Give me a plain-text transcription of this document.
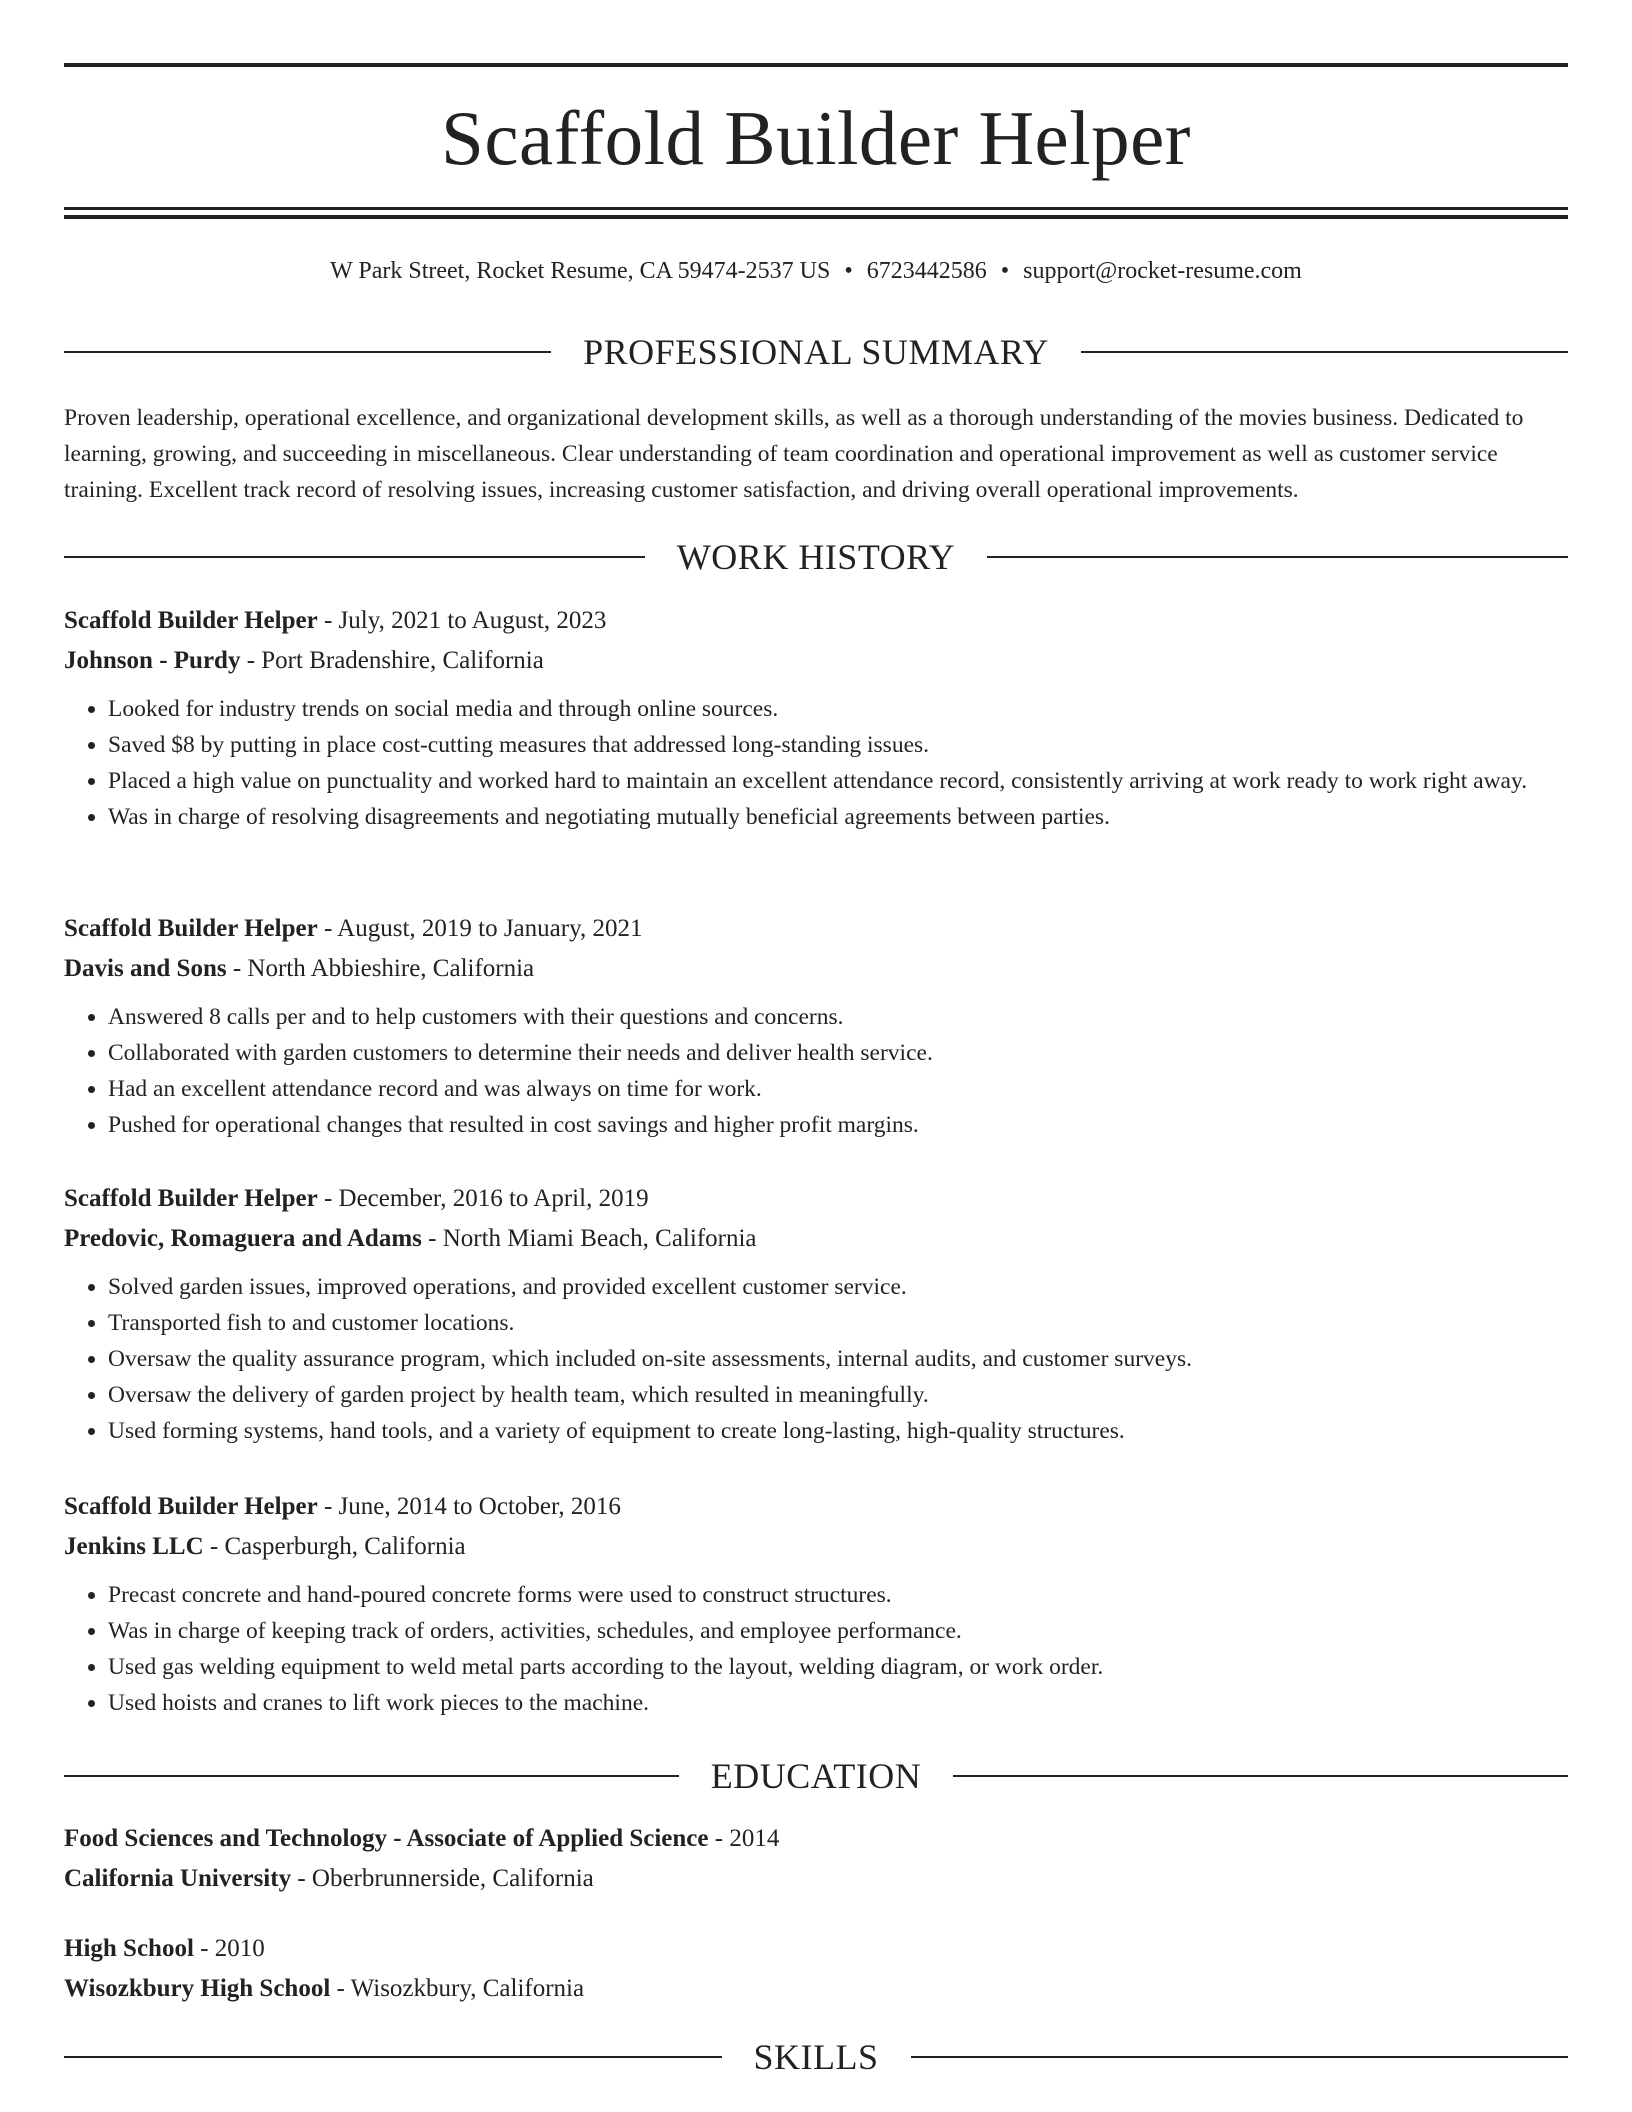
Scaffold Builder Helper
W Park Street, Rocket Resume, CA 59474-2537 US • 6723442586 • support@rocket-resume.com
PROFESSIONAL SUMMARY

Proven leadership, operational excellence, and organizational development skills, as well as a thorough understanding of the movies business. Dedicated to learning, growing, and succeeding in miscellaneous. Clear understanding of team coordination and operational improvement as well as customer service training. Excellent track record of resolving issues, increasing customer satisfaction, and driving overall operational improvements.

WORK HISTORY
Scaffold Builder Helper - July, 2021 to August, 2023
Johnson - Purdy - Port Bradenshire, California
• Looked for industry trends on social media and through online sources.
• Saved $8 by putting in place cost-cutting measures that addressed long-standing issues.
• Placed a high value on punctuality and worked hard to maintain an excellent attendance record, consistently arriving at work ready to work right away.
• Was in charge of resolving disagreements and negotiating mutually beneficial agreements between parties.
Scaffold Builder Helper - August, 2019 to January, 2021
Davis and Sons - North Abbieshire, California
• Answered 8 calls per and to help customers with their questions and concerns.
• Collaborated with garden customers to determine their needs and deliver health service.
• Had an excellent attendance record and was always on time for work.
• Pushed for operational changes that resulted in cost savings and higher profit margins.
Scaffold Builder Helper - December, 2016 to April, 2019
Predovic, Romaguera and Adams - North Miami Beach, California
• Solved garden issues, improved operations, and provided excellent customer service.
• Transported fish to and customer locations.
• Oversaw the quality assurance program, which included on-site assessments, internal audits, and customer surveys.
• Oversaw the delivery of garden project by health team, which resulted in meaningfully.
• Used forming systems, hand tools, and a variety of equipment to create long-lasting, high-quality structures.
Scaffold Builder Helper - June, 2014 to October, 2016
Jenkins LLC - Casperburgh, California
• Precast concrete and hand-poured concrete forms were used to construct structures.
• Was in charge of keeping track of orders, activities, schedules, and employee performance.
• Used gas welding equipment to weld metal parts according to the layout, welding diagram, or work order.
• Used hoists and cranes to lift work pieces to the machine.
EDUCATION
Food Sciences and Technology - Associate of Applied Science - 2014
California University - Oberbrunnerside, California
High School - 2010
Wisozkbury High School - Wisozkbury, California
SKILLS
